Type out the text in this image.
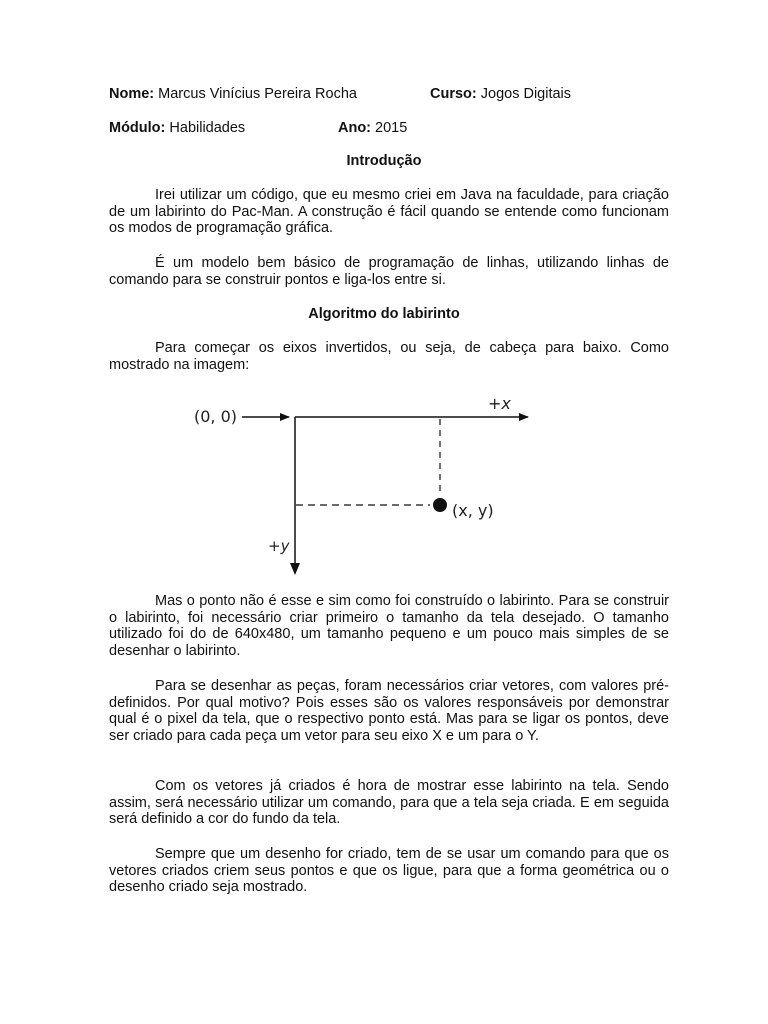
Nome: Marcus Vinícius Pereira Rocha	Curso: Jogos Digitais
Módulo: Habilidades	Ano: 2015
Introdução

Irei utilizar um código, que eu mesmo criei em Java na faculdade, para criação de um labirinto do Pac-Man. A construção é fácil quando se entende como funcionam os modos de programação gráfica.

É um modelo bem básico de programação de linhas, utilizando linhas de comando para se construir pontos e liga-los entre si.

Algoritmo do labirinto

Para começar os eixos invertidos, ou seja, de cabeça para baixo. Como mostrado na imagem:

(0, 0)
+x
+y
(x, y)

Mas o ponto não é esse e sim como foi construído o labirinto. Para se construir o labirinto, foi necessário criar primeiro o tamanho da tela desejado. O tamanho utilizado foi do de 640x480, um tamanho pequeno e um pouco mais simples de se desenhar o labirinto.

Para se desenhar as peças, foram necessários criar vetores, com valores pré-definidos. Por qual motivo? Pois esses são os valores responsáveis por demonstrar qual é o pixel da tela, que o respectivo ponto está. Mas para se ligar os pontos, deve ser criado para cada peça um vetor para seu eixo X e um para o Y.

Com os vetores já criados é hora de mostrar esse labirinto na tela. Sendo assim, será necessário utilizar um comando, para que a tela seja criada. E em seguida será definido a cor do fundo da tela.

Sempre que um desenho for criado, tem de se usar um comando para que os vetores criados criem seus pontos e que os ligue, para que a forma geométrica ou o desenho criado seja mostrado.
